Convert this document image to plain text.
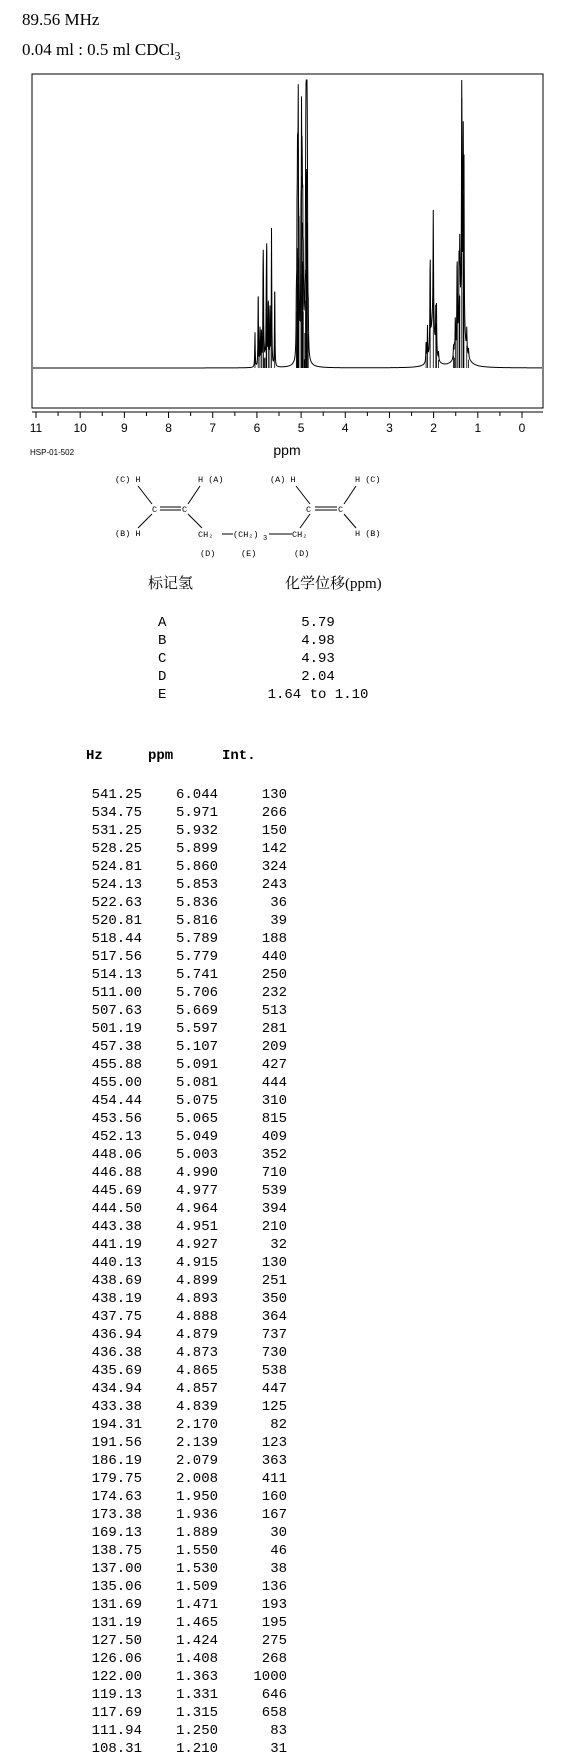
89.56 MHz
0.04 ml : 0.5 ml CDCl$_3$
11	10	9	8	7	6	5	4	3	2	1	0
ppm
HSP-01-502
(C) H	H (A)	(A) H	H (C)
(B) H	H (B)
C	C	C	C
CH₂ (CH₂) 3	CH₂
(D)	(E)	(D)
标记氢	化学位移(ppm)
A	5.79
B	4.98
C	4.93
D	2.04
E	1.64 to 1.10
Hz	ppm	Int.
541.25	6.044	130
534.75	5.971	266
531.25	5.932	150
528.25	5.899	142
524.81	5.860	324
524.13	5.853	243
522.63	5.836	36
520.81	5.816	39
518.44	5.789	188
517.56	5.779	440
514.13	5.741	250
511.00	5.706	232
507.63	5.669	513
501.19	5.597	281
457.38	5.107	209
455.88	5.091	427
455.00	5.081	444
454.44	5.075	310
453.56	5.065	815
452.13	5.049	409
448.06	5.003	352
446.88	4.990	710
445.69	4.977	539
444.50	4.964	394
443.38	4.951	210
441.19	4.927	32
440.13	4.915	130
438.69	4.899	251
438.19	4.893	350
437.75	4.888	364
436.94	4.879	737
436.38	4.873	730
435.69	4.865	538
434.94	4.857	447
433.38	4.839	125
194.31	2.170	82
191.56	2.139	123
186.19	2.079	363
179.75	2.008	411
174.63	1.950	160
173.38	1.936	167
169.13	1.889	30
138.75	1.550	46
137.00	1.530	38
135.06	1.509	136
131.69	1.471	193
131.19	1.465	195
127.50	1.424	275
126.06	1.408	268
122.00	1.363	1000
119.13	1.331	646
117.69	1.315	658
111.94	1.250	83
108.31	1.210	31
